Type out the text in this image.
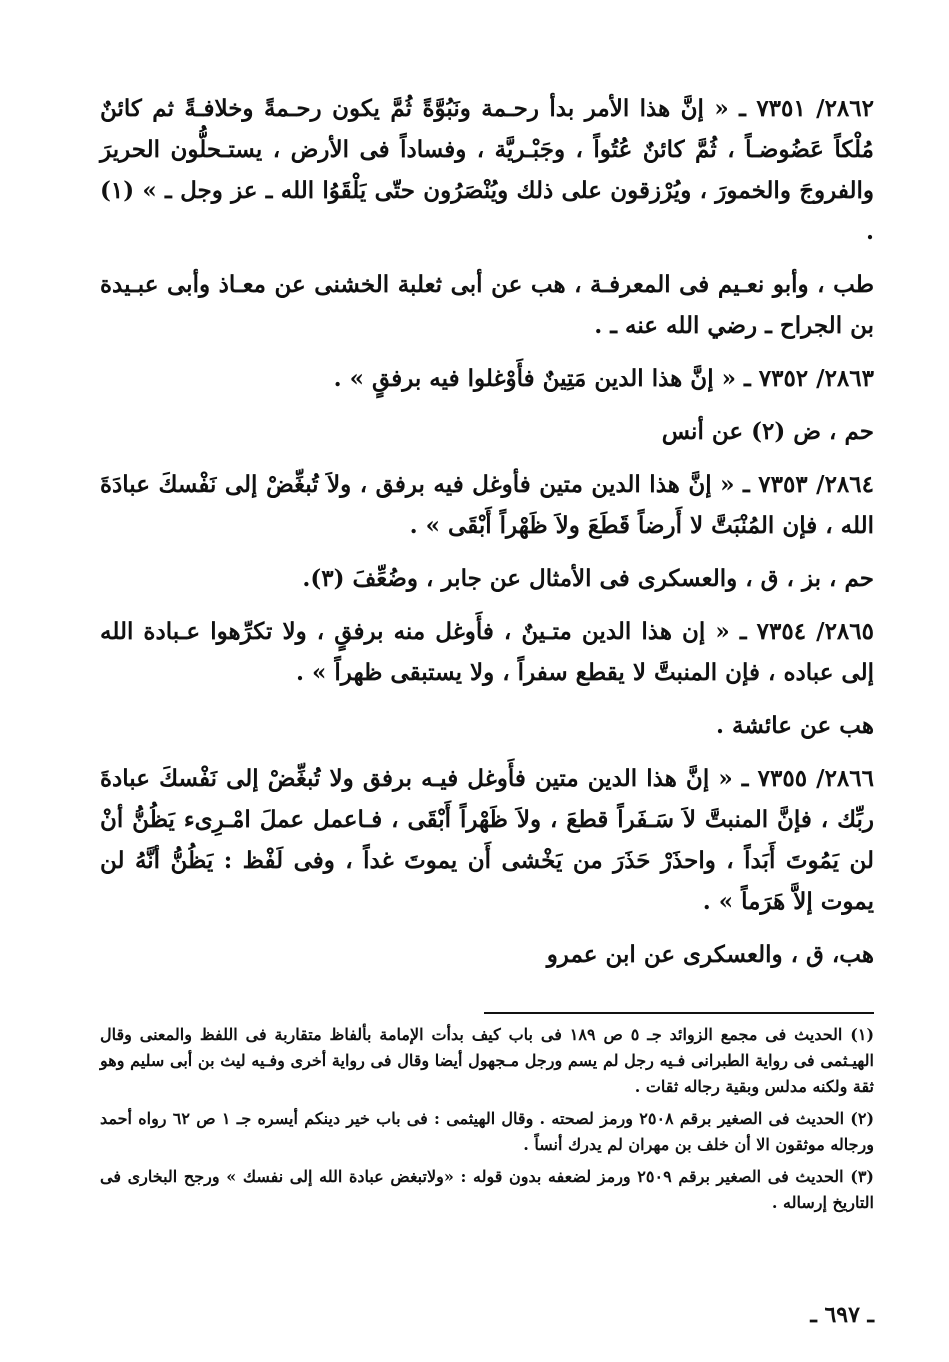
٢٨٦٢/ ٧٣٥١ ـ « إنَّ هذا الأمر بدأ رحـمة ونَبُوَّةً ثُمَّ يكون رحـمةً وخلافـةً ثم كائنٌ مُلْكاً عَضُوضـاً ، ثُمَّ كائنٌ عُتُواً ، وجَبْـريَّة ، وفساداً فى الأرض ، يستـحلُّون الحريرَ والفروجَ والخمورَ ، ويُرْزقون على ذلك ويُنْصَرُون حتّى يَلْقَوُا الله ـ عز وجل ـ » (١) .

طب ، وأبو نعـيم فى المعرفـة ، هب عن أبى ثعلبة الخشنى عن معـاذ وأبى عبـيدة بن الجراح ـ رضي الله عنه ـ .

٢٨٦٣/ ٧٣٥٢ ـ « إنَّ هذا الدين مَتِينٌ فأَوْغلوا فيه برفقٍ » .

حم ، ض (٢) عن أنس

٢٨٦٤/ ٧٣٥٣ ـ « إنَّ هذا الدين متين فأوغل فيه برفق ، ولاَ تُبغِّضْ إلى نَفْسكَ عبادَةَ الله ، فإن المُنْبَتَّ لا أَرضاً قَطَعَ ولاَ ظَهْراً أَبْقَى » .

حم ، بز ، ق ، والعسكرى فى الأمثال عن جابر ، وضُعِّفَ (٣).

٢٨٦٥/ ٧٣٥٤ ـ « إن هذا الدين متـينٌ ، فأَوغل منه برفقٍ ، ولا تكرِّهوا عـبادة الله إلى عباده ، فإن المنبتَّ لا يقطع سفراً ، ولا يستبقى ظهراً » .

هب عن عائشة .

٢٨٦٦/ ٧٣٥٥ ـ « إنَّ هذا الدين متين فأَوغل فيـه برفق ولا تُبغِّضْ إلى نَفْسكَ عبادةَ ربِّك ، فإنَّ المنبتَّ لاَ سَـفَراً قطعَ ، ولاَ ظَهْراً أَبْقَى ، فـاعمل عملَ امْـرِىء يَظُنُّ أنْ لن يَمُوتَ أَبَداً ، واحذَرْ حَذَرَ من يَخْشى أَن يموتَ غداً ، وفى لَفْظ : يَظُنُّ أنَّهُ لن يموت إلاَّ هَرَماً » .

هب، ق ، والعسكرى عن ابن عمرو

(١) الحديث فى مجمع الزوائد جـ ٥ ص ١٨٩ فى باب كيف بدأت الإمامة بألفاظ متقاربة فى اللفظ والمعنى وقال الهيـثمى فى رواية الطبرانى فـيه رجل لم يسم ورجل مـجهول أيضا وقال فى رواية أخرى وفـيه ليث بن أبى سليم وهو ثقة ولكنه مدلس وبقية رجاله ثقات .

(٢) الحديث فى الصغير برقم ٢٥٠٨ ورمز لصحته . وقال الهيثمى : فى باب خير دينكم أيسره جـ ١ ص ٦٢ رواه أحمد ورجاله موثقون الا أن خلف بن مهران لم يدرك أنساً .

(٣) الحديث فى الصغير برقم ٢٥٠٩ ورمز لضعفه بدون قوله : «ولاتبغض عبادة الله إلى نفسك » ورجح البخارى فى التاريخ إرساله .

ـ ٦٩٧ ـ
